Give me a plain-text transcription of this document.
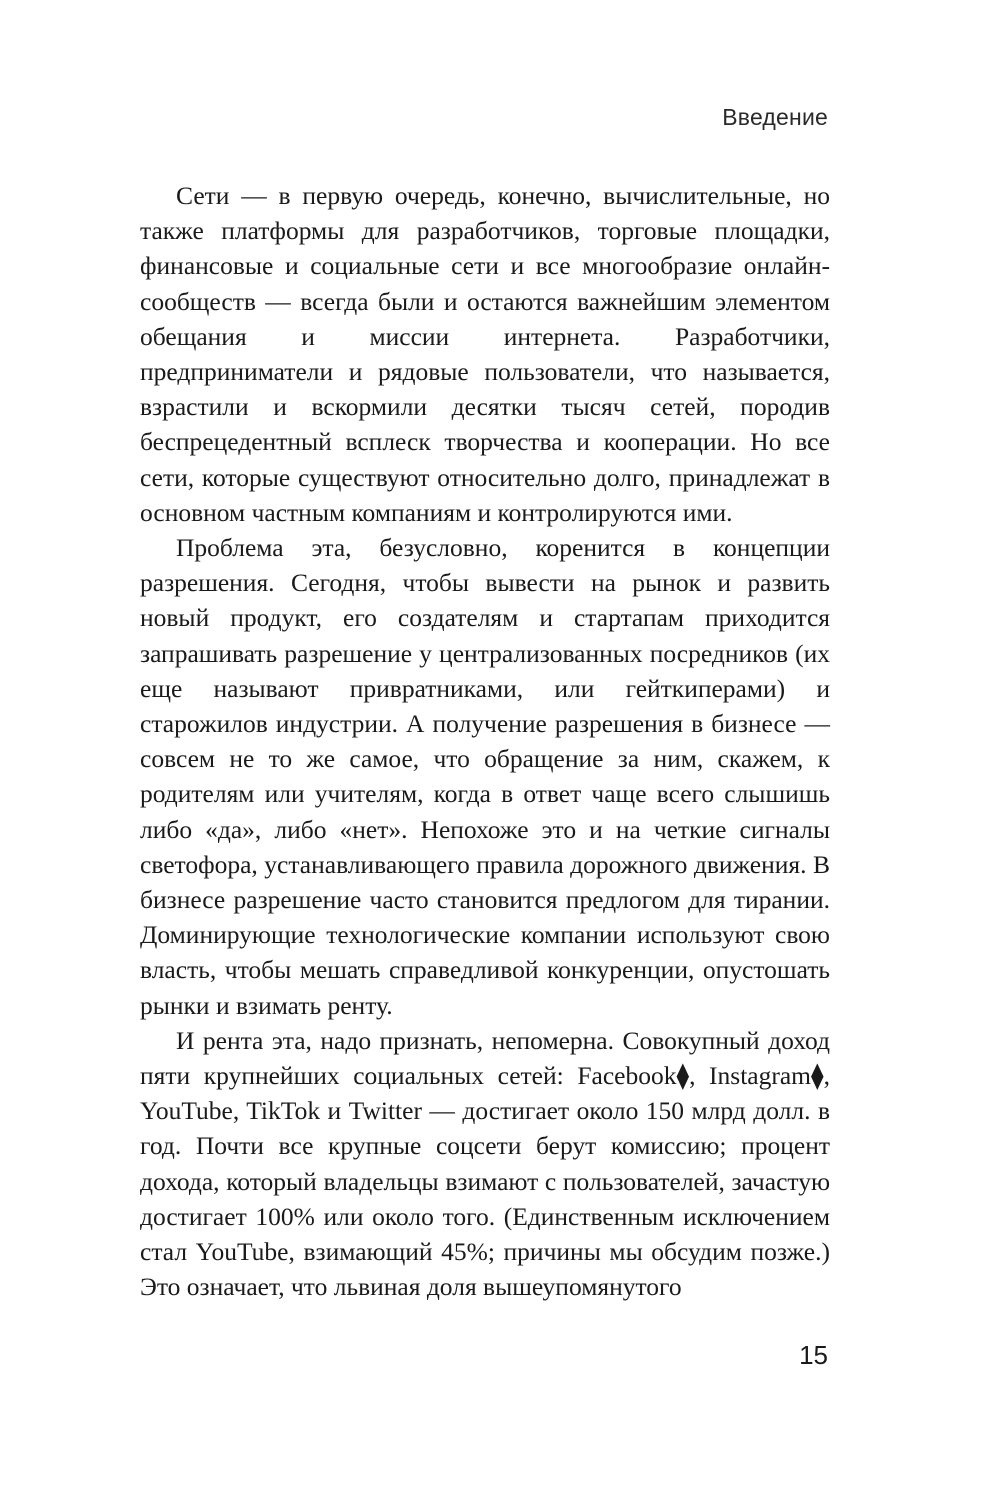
Введение

Сети — в первую очередь, конечно, вычислительные, но также платформы для разработчиков, торговые площадки, финансовые и социальные сети и все многообразие онлайн-сообществ — всегда были и остаются важнейшим элементом обещания и миссии интернета. Разработчики, предприниматели и рядовые пользователи, что называется, взрастили и вскормили десятки тысяч сетей, породив беспрецедентный всплеск творчества и кооперации. Но все сети, которые существуют относительно долго, принадлежат в основном частным компаниям и контролируются ими.

Проблема эта, безусловно, коренится в концепции разрешения. Сегодня, чтобы вывести на рынок и развить новый продукт, его создателям и стартапам приходится запрашивать разрешение у централизованных посредников (их еще называют привратниками, или гейткиперами) и старожилов индустрии. А получение разрешения в бизнесе — совсем не то же самое, что обращение за ним, скажем, к родителям или учителям, когда в ответ чаще всего слышишь либо «да», либо «нет». Непохоже это и на четкие сигналы светофора, устанавливающего правила дорожного движения. В бизнесе разрешение часто становится предлогом для тирании. Доминирующие технологические компании используют свою власть, чтобы мешать справедливой конкуренции, опустошать рынки и взимать ренту.

И рента эта, надо признать, непомерна. Совокупный доход пяти крупнейших социальных сетей: Facebook⧫, Instagram⧫, YouTube, TikTok и Twitter — достигает около 150 млрд долл. в год. Почти все крупные соцсети берут комиссию; процент дохода, который владельцы взимают с пользователей, зачастую достигает 100% или около того. (Единственным исключением стал YouTube, взимающий 45%; причины мы обсудим позже.) Это означает, что львиная доля вышеупомянутого

15
